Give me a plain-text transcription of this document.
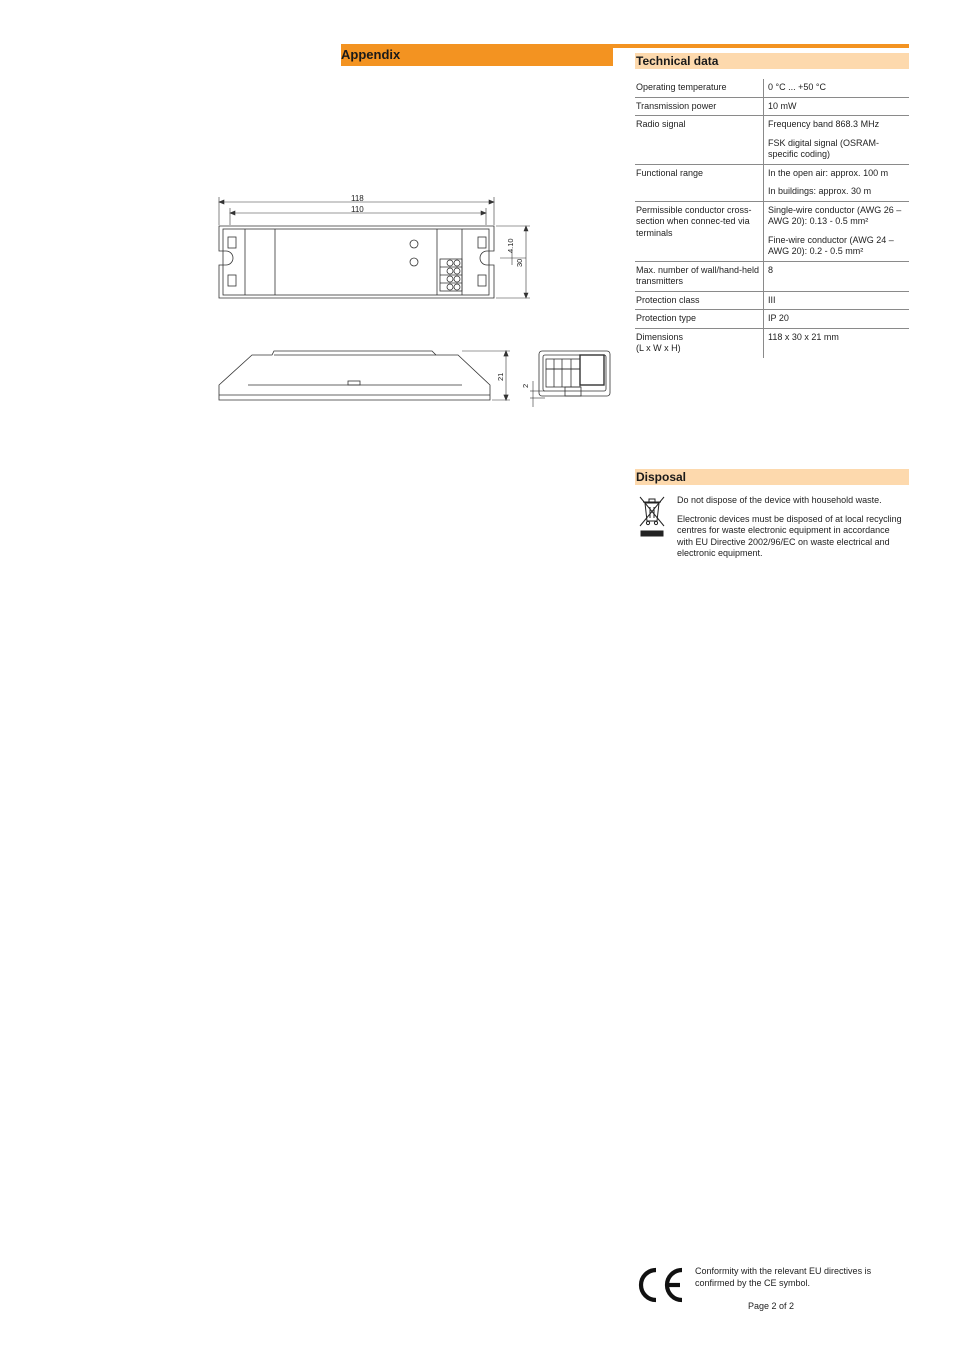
Appendix	Technical data
Operating temperature	0 °C ... +50 °C

Transmission power	10 mW

Radio signal	Frequency band 868.3 MHz

FSK digital signal (OSRAM-specific coding)

Functional range	In the open air: approx. 100 m

In buildings: approx. 30 m

Permissible conductor cross-section when connec-ted via terminals	Single-wire conductor (AWG 26 – AWG 20): 0.13 - 0.5 mm²

Fine-wire conductor (AWG 24 – AWG 20): 0.2 - 0.5 mm²

Max. number of wall/hand-held transmitters	8

Protection class	III

Protection type	IP 20

Dimensions
(L x W x H)	118 x 30 x 21 mm

118
110
4.10
30
21
2
Disposal

Do not dispose of the device with household waste.

Electronic devices must be disposed of at local recycling centres for waste electronic equipment in accordance with EU Directive 2002/96/EC on waste electrical and electronic equipment.

Conformity with the relevant EU directives is confirmed by the CE symbol.
Page 2 of 2
